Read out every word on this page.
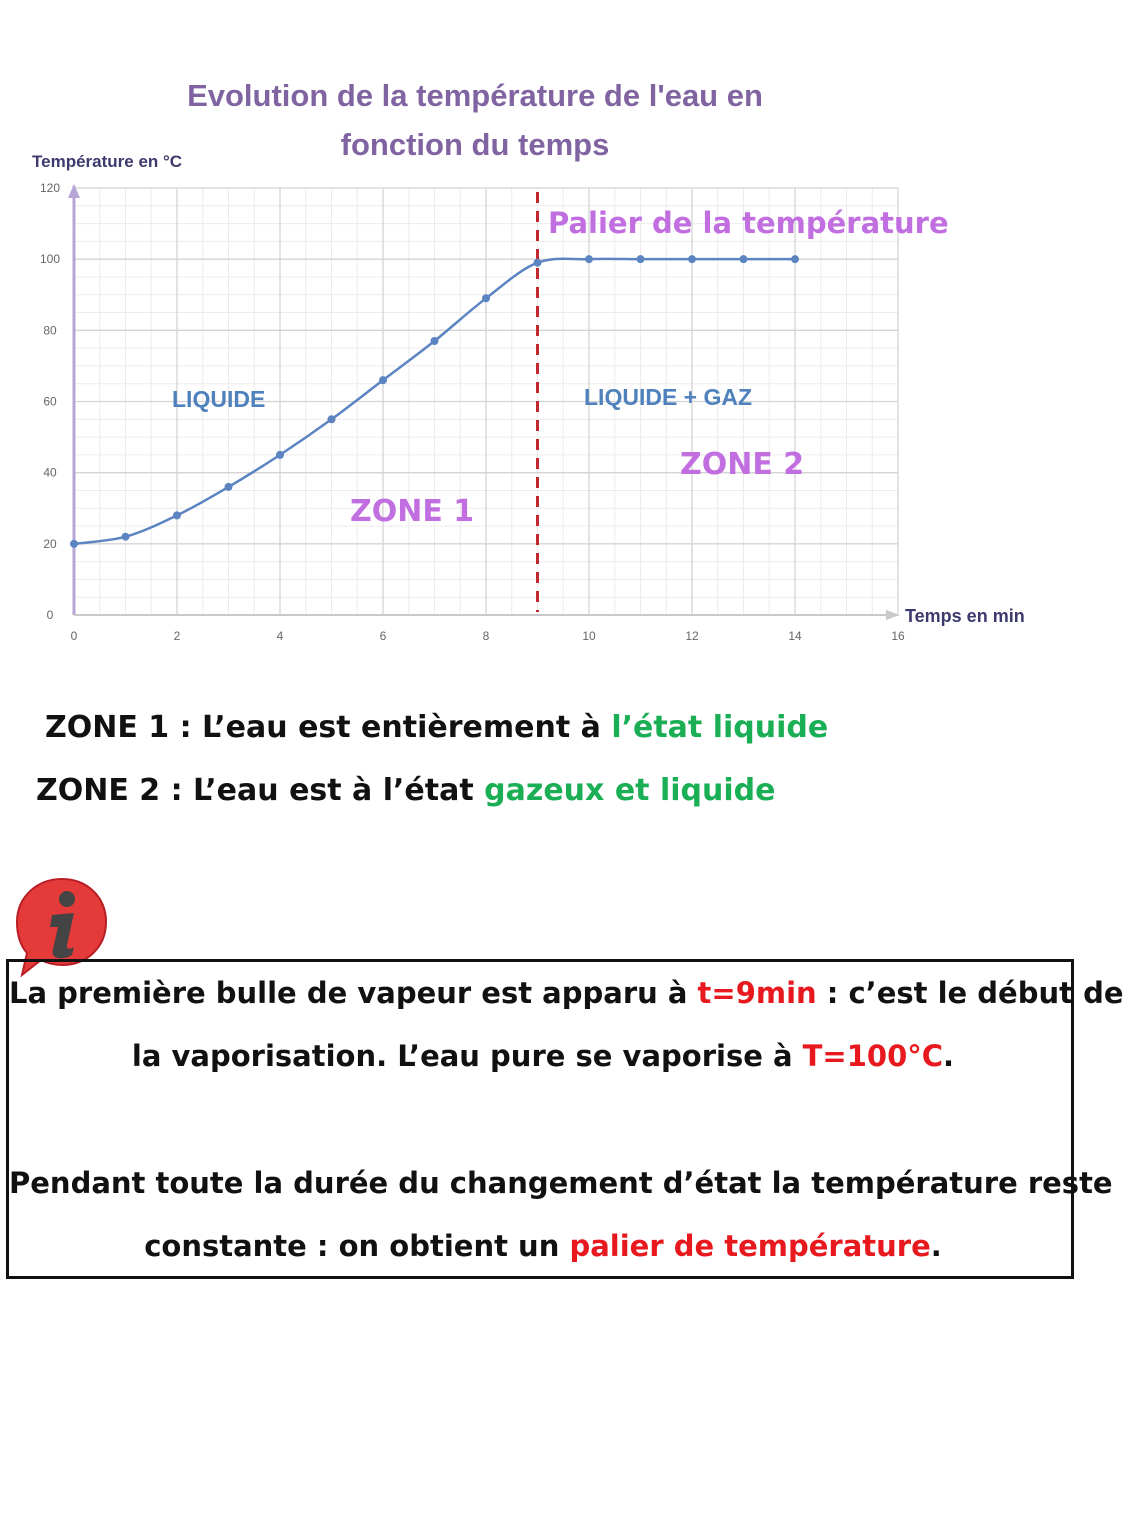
Evolution de la température de l'eau en
fonction du temps
0
20
40
60
80
100
120
0	2	4	6	8	10	12	14	16
Température en °C
Temps en min
Palier de la température
LIQUIDE	LIQUIDE + GAZ
ZONE 1
ZONE 2
ZONE 1 : L’eau est entièrement à l’état liquide
ZONE 2 : L’eau est à l’état gazeux et liquide
La première bulle de vapeur est apparu à t=9min : c’est le début de
la vaporisation. L’eau pure se vaporise à T=100°C.
Pendant toute la durée du changement d’état la température reste
constante : on obtient un palier de température.
